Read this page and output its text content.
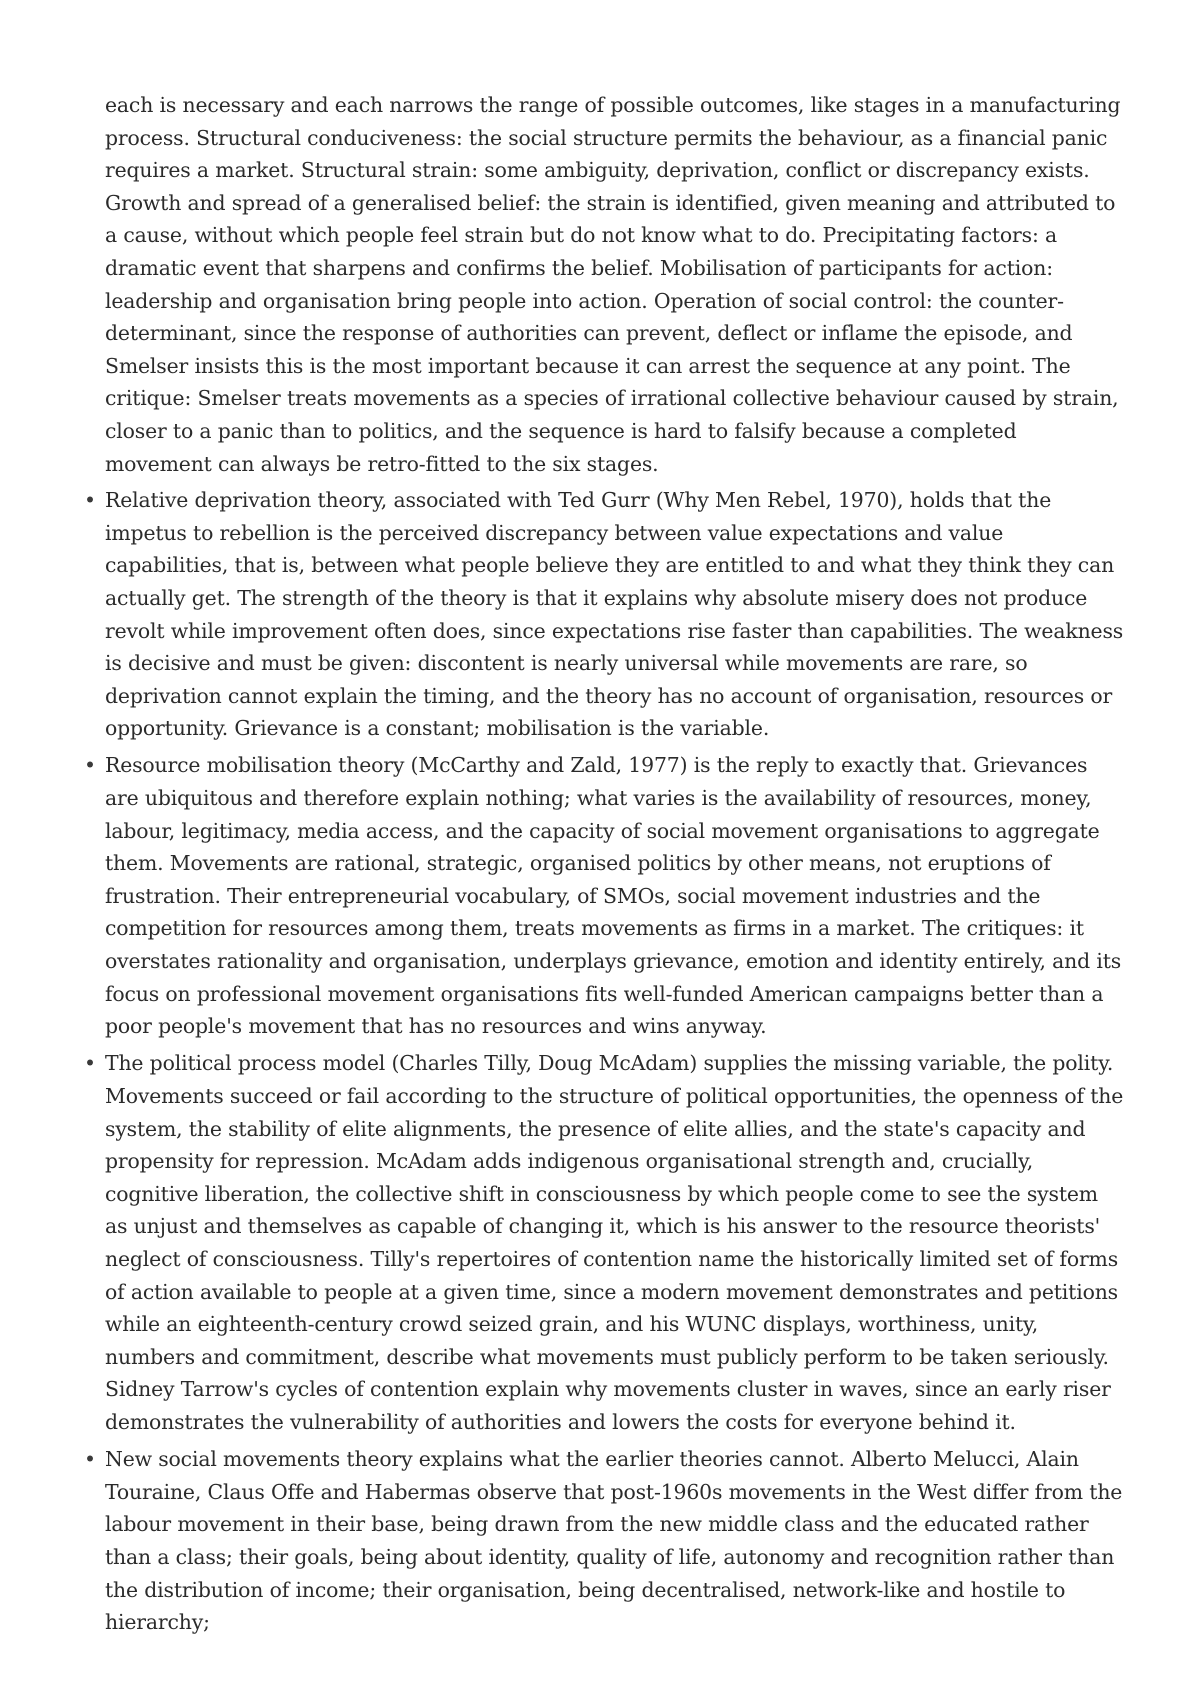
each is necessary and each narrows the range of possible outcomes, like stages in a manufacturing process. Structural conduciveness: the social structure permits the behaviour, as a financial panic requires a market. Structural strain: some ambiguity, deprivation, conflict or discrepancy exists. Growth and spread of a generalised belief: the strain is identified, given meaning and attributed to a cause, without which people feel strain but do not know what to do. Precipitating factors: a dramatic event that sharpens and confirms the belief. Mobilisation of participants for action: leadership and organisation bring people into action. Operation of social control: the counter-determinant, since the response of authorities can prevent, deflect or inflame the episode, and Smelser insists this is the most important because it can arrest the sequence at any point. The critique: Smelser treats movements as a species of irrational collective behaviour caused by strain, closer to a panic than to politics, and the sequence is hard to falsify because a completed movement can always be retro-fitted to the six stages.

• Relative deprivation theory, associated with Ted Gurr (Why Men Rebel, 1970), holds that the impetus to rebellion is the perceived discrepancy between value expectations and value capabilities, that is, between what people believe they are entitled to and what they think they can actually get. The strength of the theory is that it explains why absolute misery does not produce revolt while improvement often does, since expectations rise faster than capabilities. The weakness is decisive and must be given: discontent is nearly universal while movements are rare, so deprivation cannot explain the timing, and the theory has no account of organisation, resources or opportunity. Grievance is a constant; mobilisation is the variable.
• Resource mobilisation theory (McCarthy and Zald, 1977) is the reply to exactly that. Grievances are ubiquitous and therefore explain nothing; what varies is the availability of resources, money, labour, legitimacy, media access, and the capacity of social movement organisations to aggregate them. Movements are rational, strategic, organised politics by other means, not eruptions of frustration. Their entrepreneurial vocabulary, of SMOs, social movement industries and the competition for resources among them, treats movements as firms in a market. The critiques: it overstates rationality and organisation, underplays grievance, emotion and identity entirely, and its focus on professional movement organisations fits well-funded American campaigns better than a poor people's movement that has no resources and wins anyway.
• The political process model (Charles Tilly, Doug McAdam) supplies the missing variable, the polity. Movements succeed or fail according to the structure of political opportunities, the openness of the system, the stability of elite alignments, the presence of elite allies, and the state's capacity and propensity for repression. McAdam adds indigenous organisational strength and, crucially, cognitive liberation, the collective shift in consciousness by which people come to see the system as unjust and themselves as capable of changing it, which is his answer to the resource theorists' neglect of consciousness. Tilly's repertoires of contention name the historically limited set of forms of action available to people at a given time, since a modern movement demonstrates and petitions while an eighteenth-century crowd seized grain, and his WUNC displays, worthiness, unity, numbers and commitment, describe what movements must publicly perform to be taken seriously. Sidney Tarrow's cycles of contention explain why movements cluster in waves, since an early riser demonstrates the vulnerability of authorities and lowers the costs for everyone behind it.
• New social movements theory explains what the earlier theories cannot. Alberto Melucci, Alain Touraine, Claus Offe and Habermas observe that post-1960s movements in the West differ from the labour movement in their base, being drawn from the new middle class and the educated rather than a class; their goals, being about identity, quality of life, autonomy and recognition rather than the distribution of income; their organisation, being decentralised, network-like and hostile to hierarchy;
